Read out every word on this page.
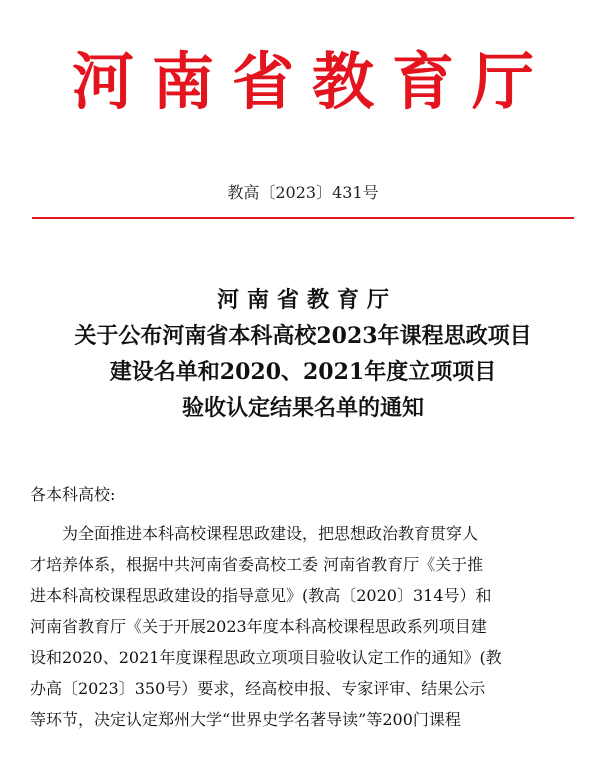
河南省教育厅
教高〔2023〕431号
河南省教育厅
关于公布河南省本科高校2023年课程思政项目
建设名单和2020、2021年度立项项目
验收认定结果名单的通知
各本科高校:
为全面推进本科高校课程思政建设，把思想政治教育贯穿人
才培养体系，根据中共河南省委高校工委 河南省教育厅《关于推
进本科高校课程思政建设的指导意见》(教高〔2020〕314号）和
河南省教育厅《关于开展2023年度本科高校课程思政系列项目建
设和2020、2021年度课程思政立项项目验收认定工作的通知》(教
办高〔2023〕350号）要求，经高校申报、专家评审、结果公示
等环节，决定认定郑州大学“世界史学名著导读”等200门课程
